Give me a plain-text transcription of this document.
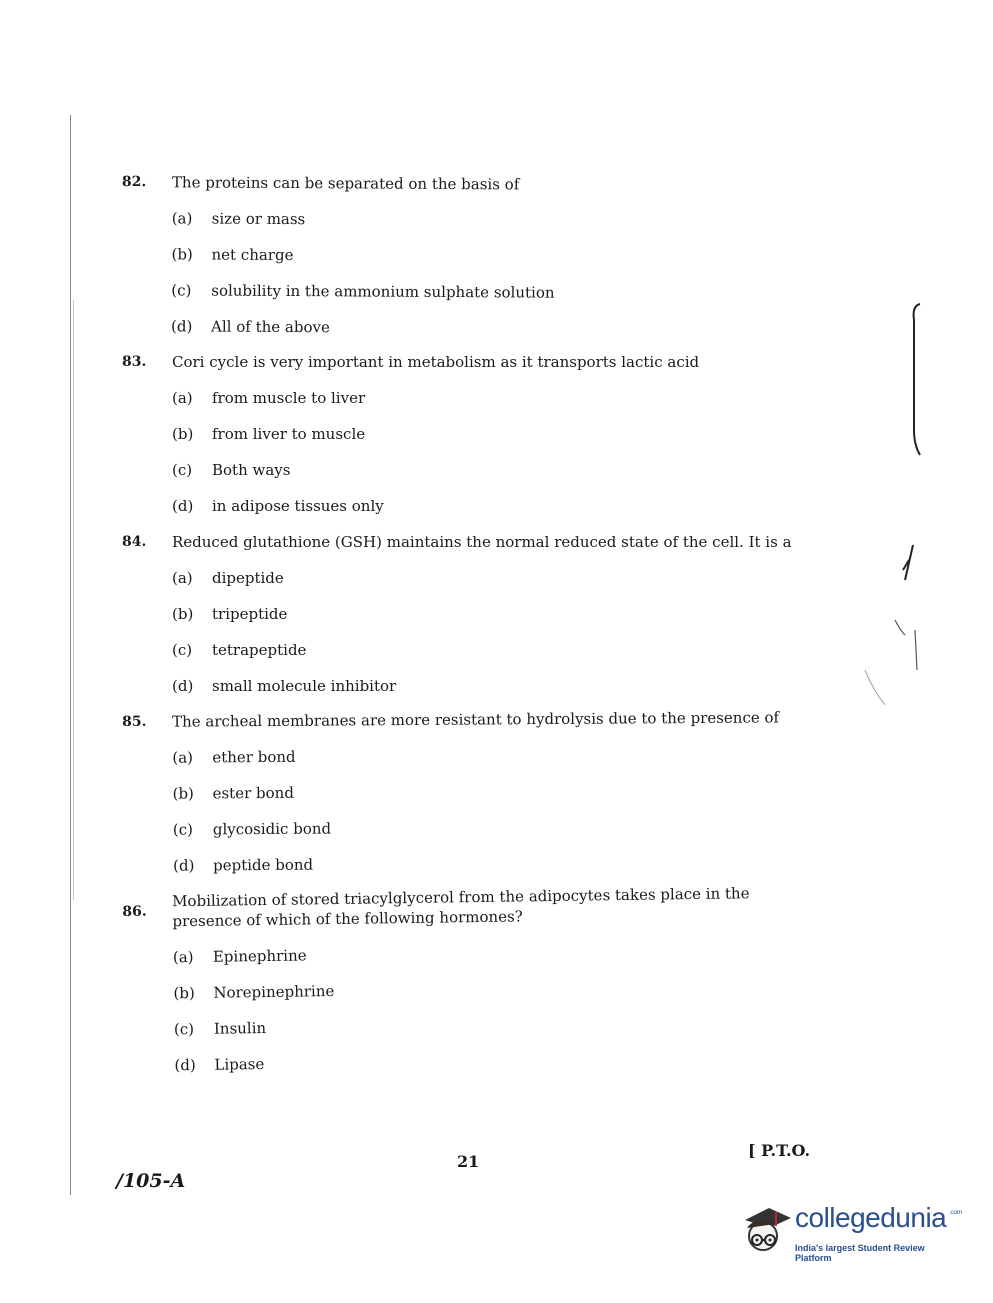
82.	The proteins can be separated on the basis of
(a)	size or mass
(b)	net charge
(c)	solubility in the ammonium sulphate solution
(d)	All of the above
83.	Cori cycle is very important in metabolism as it transports lactic acid
(a)	from muscle to liver
(b)	from liver to muscle
(c)	Both ways
(d)	in adipose tissues only
84.	Reduced glutathione (GSH) maintains the normal reduced state of the cell. It is a
(a)	dipeptide
(b)	tripeptide
(c)	tetrapeptide
(d)	small molecule inhibitor
85.	The archeal membranes are more resistant to hydrolysis due to the presence of
(a)	ether bond
(b)	ester bond
(c)	glycosidic bond
(d)	peptide bond
86.
Mobilization of stored triacylglycerol from the adipocytes takes place in the presence of which of the following hormones?
(a)	Epinephrine
(b)	Norepinephrine
(c)	Insulin
(d)	Lipase
21
[ P.T.O.
/105-A
collegedunia .com
India's largest Student Review Platform
